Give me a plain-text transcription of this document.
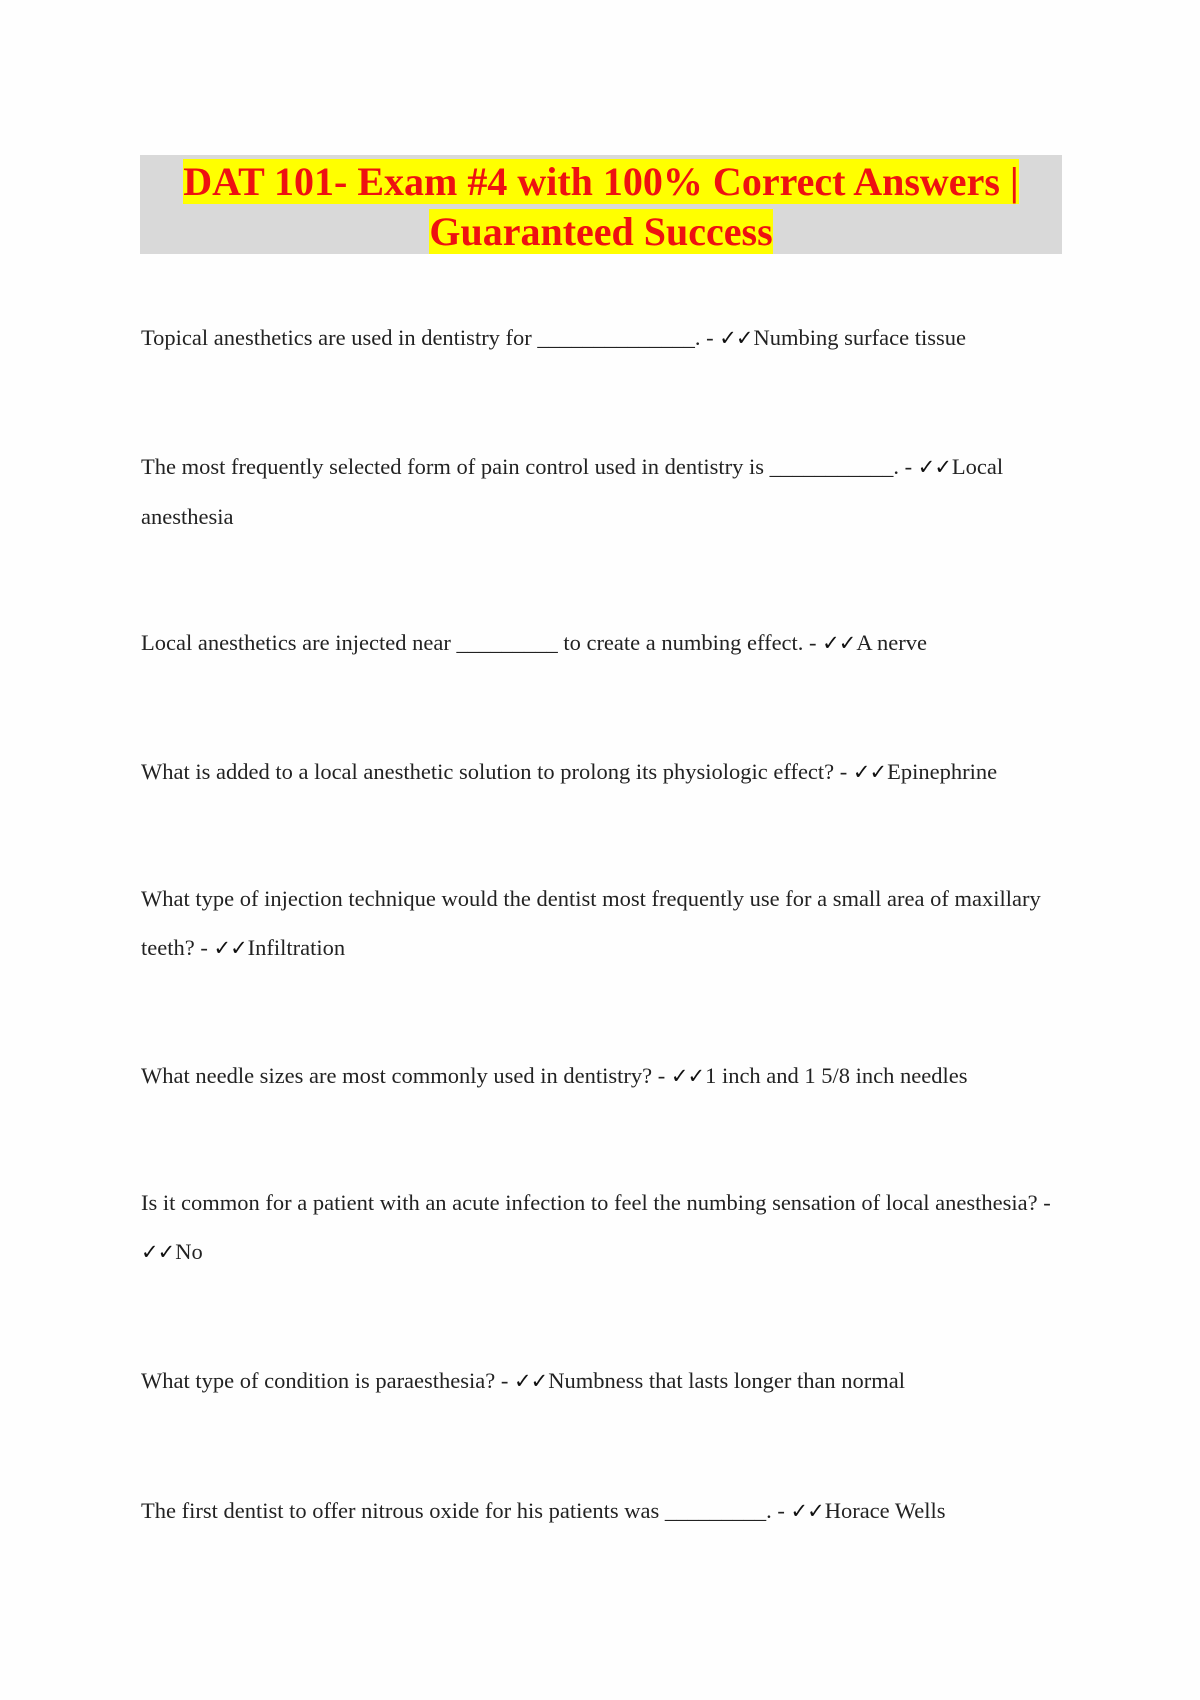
DAT 101- Exam #4 with 100% Correct Answers | Guaranteed Success
Topical anesthetics are used in dentistry for ______________. - ✓✓Numbing surface tissue
The most frequently selected form of pain control used in dentistry is ___________. - ✓✓Local anesthesia
Local anesthetics are injected near _________ to create a numbing effect. - ✓✓A nerve
What is added to a local anesthetic solution to prolong its physiologic effect? - ✓✓Epinephrine
What type of injection technique would the dentist most frequently use for a small area of maxillary teeth? - ✓✓Infiltration
What needle sizes are most commonly used in dentistry? - ✓✓1 inch and 1 5/8 inch needles
Is it common for a patient with an acute infection to feel the numbing sensation of local anesthesia? - ✓✓No
What type of condition is paraesthesia? - ✓✓Numbness that lasts longer than normal
The first dentist to offer nitrous oxide for his patients was _________. - ✓✓Horace Wells
